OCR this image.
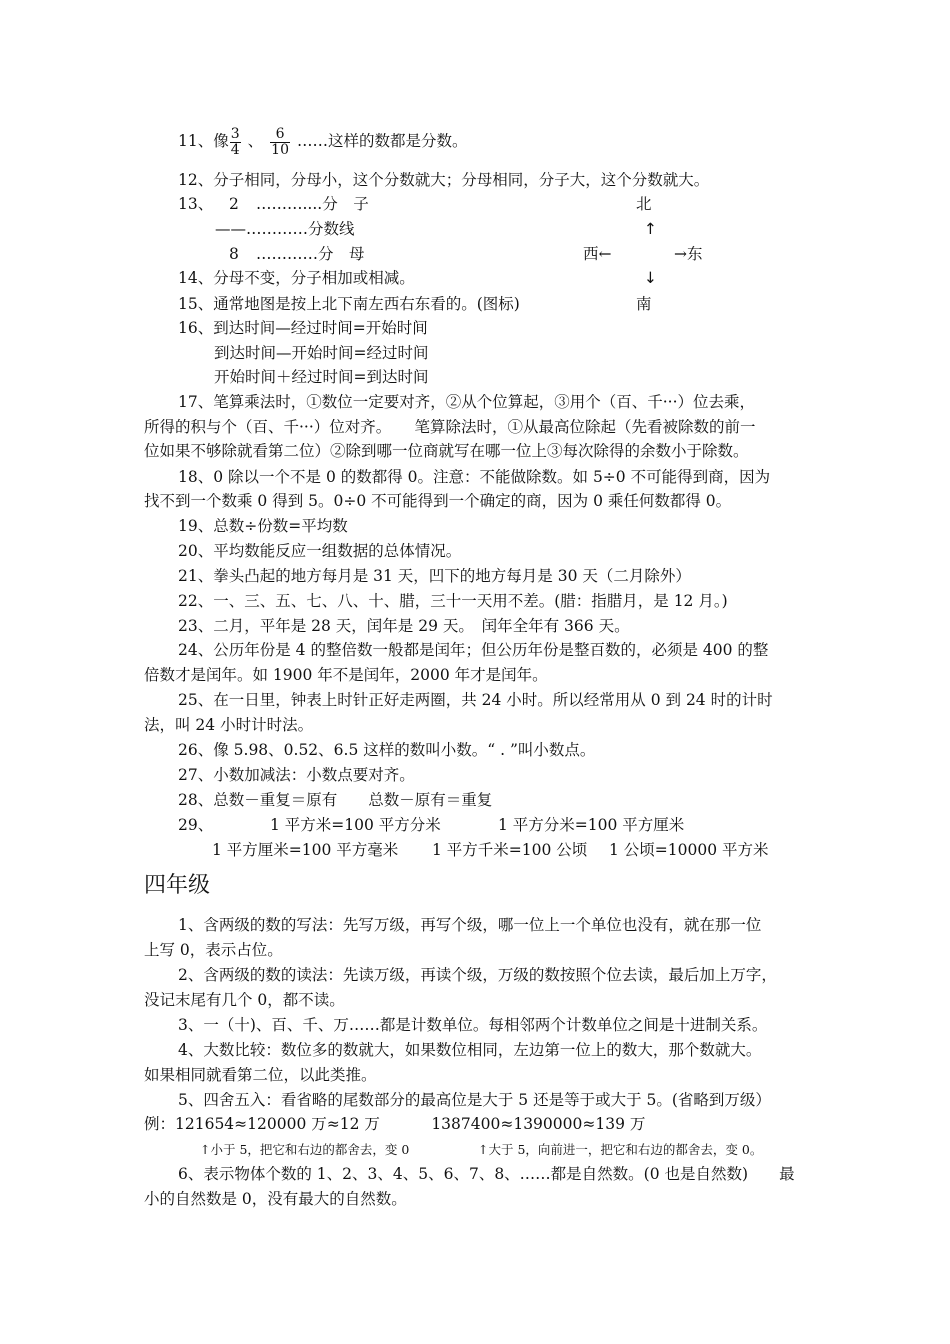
11、像 $\frac{3}{4}$ 、 $\frac{6}{10}$ ……这样的数都是分数。
12、分子相同，分母小，这个分数就大；分母相同，分子大，这个分数就大。
13、 2 ………....分　子
——…………分数线
8 …………分　母
北
↑
西←	→东
↓
南
14、分母不变，分子相加或相减。
15、通常地图是按上北下南左西右东看的。(图标)
16、到达时间—经过时间=开始时间
到达时间—开始时间=经过时间
开始时间＋经过时间=到达时间
17、笔算乘法时，①数位一定要对齐，②从个位算起，③用个（百、千···）位去乘，
所得的积与个（百、千···）位对齐。　　笔算除法时，①从最高位除起（先看被除数的前一
位如果不够除就看第二位）②除到哪一位商就写在哪一位上③每次除得的余数小于除数。
18、0 除以一个不是 0 的数都得 0。注意：不能做除数。如 5÷0 不可能得到商，因为
找不到一个数乘 0 得到 5。0÷0 不可能得到一个确定的商，因为 0 乘任何数都得 0。
19、总数÷份数=平均数
20、平均数能反应一组数据的总体情况。
21、拳头凸起的地方每月是 31 天，凹下的地方每月是 30 天（二月除外）
22、一、三、五、七、八、十、腊，三十一天用不差。(腊：指腊月，是 12 月。)
23、二月，平年是 28 天，闰年是 29 天。　闰年全年有 366 天。
24、公历年份是 4 的整倍数一般都是闰年；但公历年份是整百数的，必须是 400 的整
倍数才是闰年。如 1900 年不是闰年，2000 年才是闰年。
25、在一日里，钟表上时针正好走两圈，共 24 小时。所以经常用从 0 到 24 时的计时
法，叫 24 小时计时法。
26、像 5.98、0.52、6.5 这样的数叫小数。“ . ”叫小数点。
27、小数加减法：小数点要对齐。
28、总数－重复＝原有　　总数－原有＝重复
29、	1 平方米=100 平方分米	1 平方分米=100 平方厘米
1 平方厘米=100 平方毫米 1 平方千米=100 公顷 1 公顷=10000 平方米
四年级
1、含两级的数的写法：先写万级，再写个级，哪一位上一个单位也没有，就在那一位
上写 0，表示占位。
2、含两级的数的读法：先读万级，再读个级，万级的数按照个位去读，最后加上万字，
没记末尾有几个 0，都不读。
3、一（十)、百、千、万……都是计数单位。每相邻两个计数单位之间是十进制关系。
4、大数比较：数位多的数就大，如果数位相同，左边第一位上的数大，那个数就大。
如果相同就看第二位，以此类推。
5、四舍五入：看省略的尾数部分的最高位是大于 5 还是等于或大于 5。(省略到万级）
例：121654≈120000 万≈12 万　　　 1387400≈1390000≈139 万
↑小于 5，把它和右边的都舍去，变 0	↑大于 5，向前进一，把它和右边的都舍去，变 0。
6、表示物体个数的 1、2、3、4、5、6、7、8、……都是自然数。(0 也是自然数)　　最
小的自然数是 0，没有最大的自然数。
